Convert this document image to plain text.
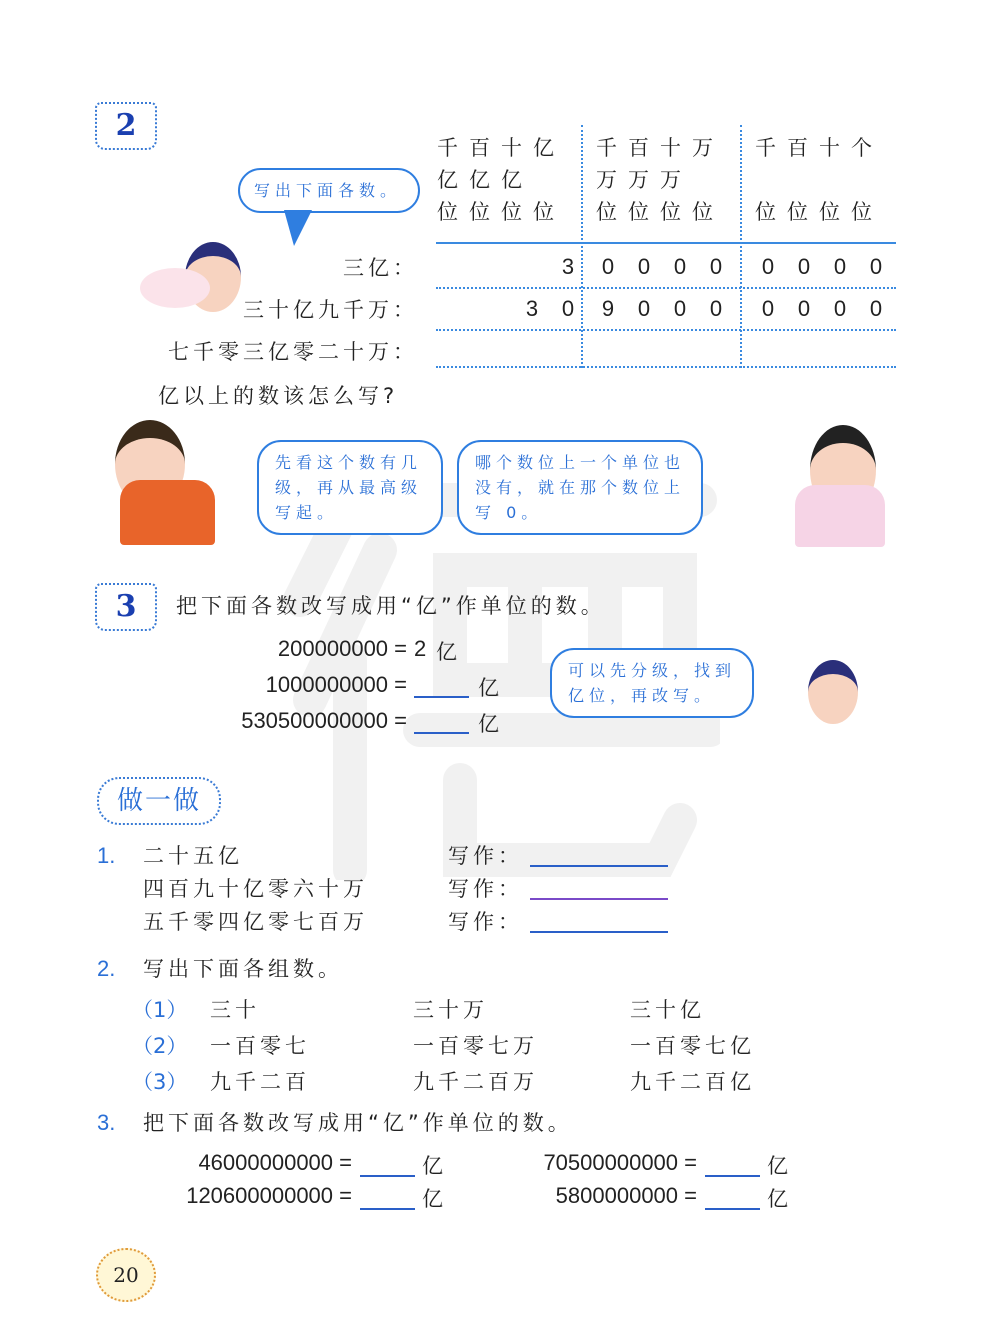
2
写出下面各数。
千 百 十 亿
亿 亿 亿
位 位 位 位
千 百 十 万
万 万 万
位 位 位 位
千 百 十 个
位 位 位 位
三亿：	3 0 0 0 0 0 0 0 0
三十亿九千万：	3 0 9 0 0 0 0 0 0 0
七千零三亿零二十万：
亿以上的数该怎么写?
先看这个数有几级，再从最高级写起。
哪个数位上一个单位也没有，就在那个数位上写 0。
3	把下面各数改写成用“亿”作单位的数。
200000000 = 2 亿
1000000000 =	亿
530500000000 =	亿
可以先分级，找到亿位，再改写。
做一做
1. 二十五亿	写作：
四百九十亿零六十万	写作：
五千零四亿零七百万	写作：
2. 写出下面各组数。
（1） 三十	三十万	三十亿
（2） 一百零七	一百零七万	一百零七亿
（3） 九千二百	九千二百万	九千二百亿
3. 把下面各数改写成用“亿”作单位的数。
46000000000 =	亿	70500000000 =	亿
120600000000 =	亿	5800000000 =	亿
20
